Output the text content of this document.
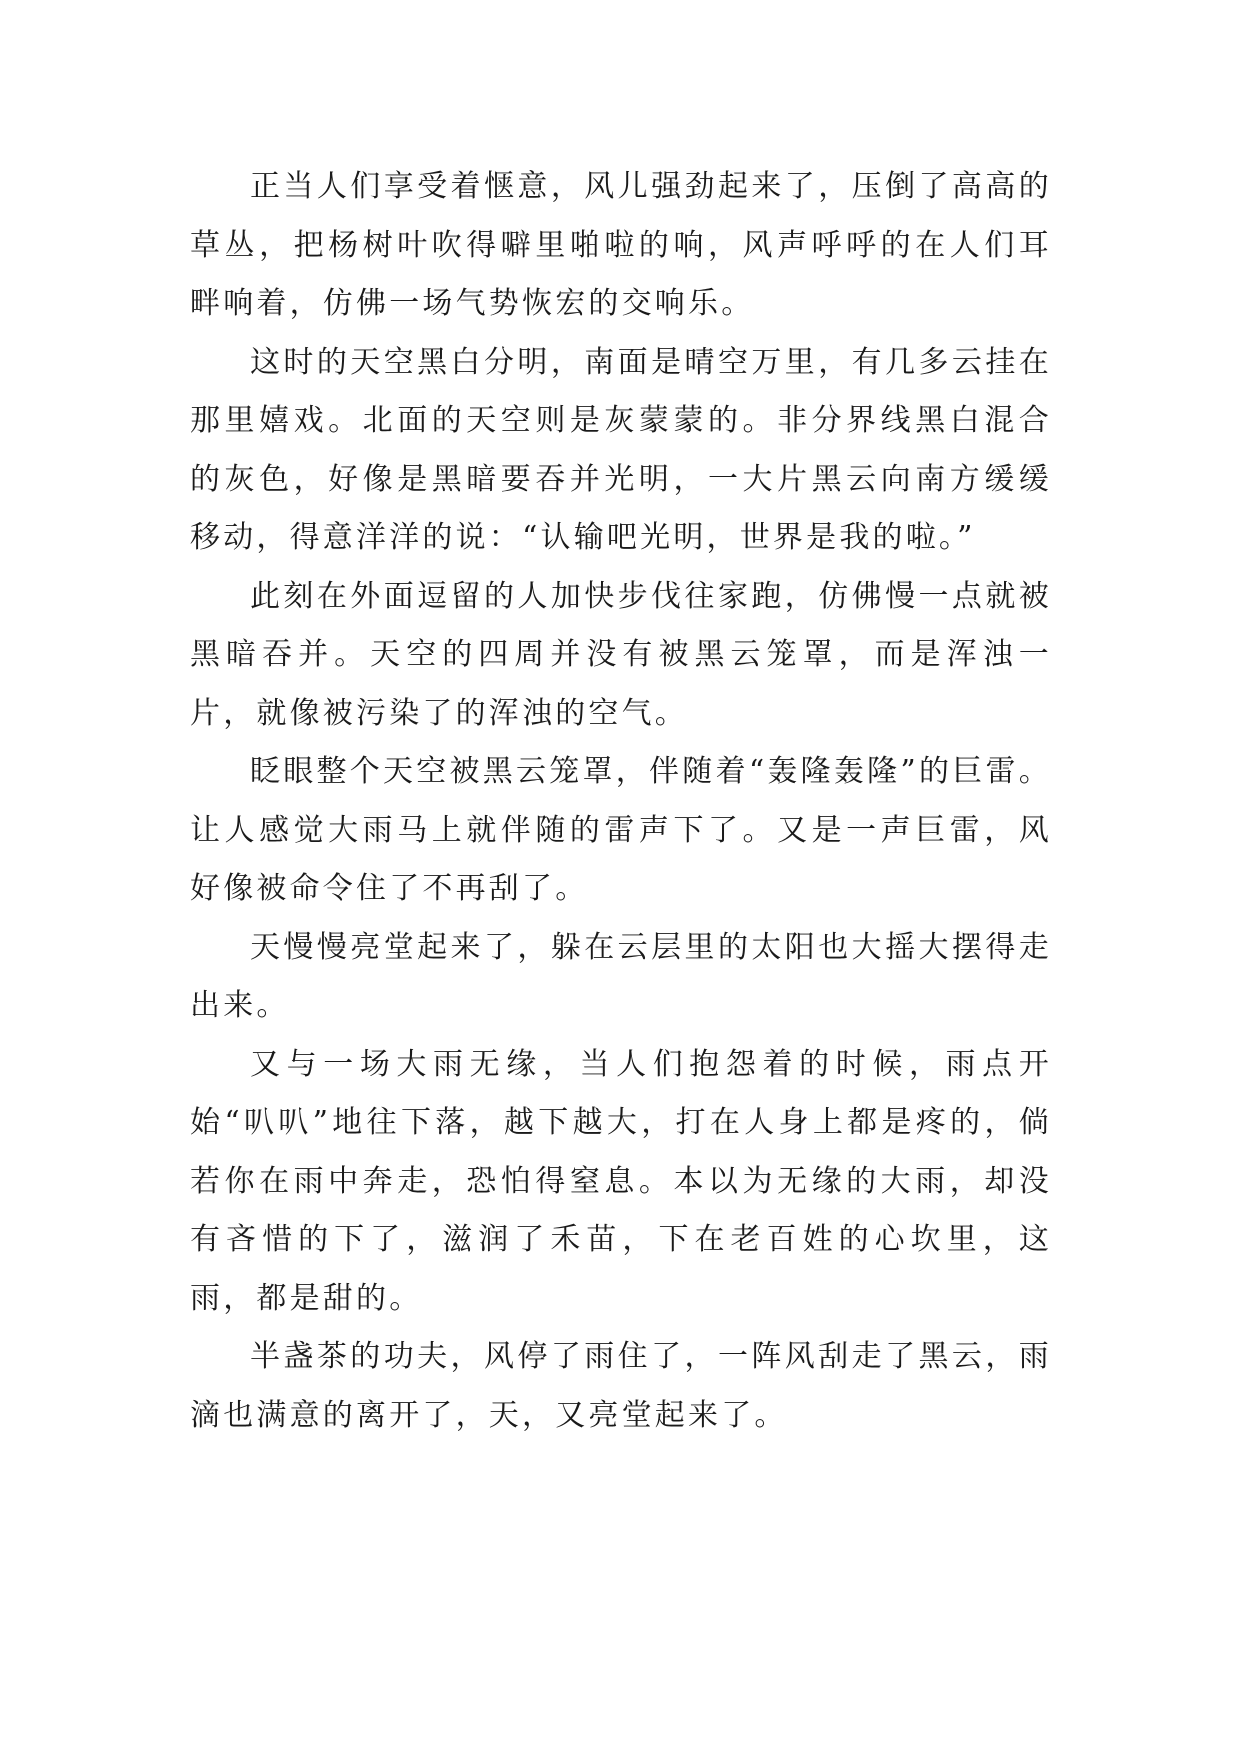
正当人们享受着惬意，风儿强劲起来了，压倒了高高的草丛，把杨树叶吹得噼里啪啦的响，风声呼呼的在人们耳畔响着，仿佛一场气势恢宏的交响乐。

这时的天空黑白分明，南面是晴空万里，有几多云挂在那里嬉戏。北面的天空则是灰蒙蒙的。非分界线黑白混合的灰色，好像是黑暗要吞并光明，一大片黑云向南方缓缓移动，得意洋洋的说：“认输吧光明，世界是我的啦。”

此刻在外面逗留的人加快步伐往家跑，仿佛慢一点就被黑暗吞并。天空的四周并没有被黑云笼罩，而是浑浊一片，就像被污染了的浑浊的空气。

眨眼整个天空被黑云笼罩，伴随着“轰隆轰隆”的巨雷。让人感觉大雨马上就伴随的雷声下了。又是一声巨雷，风好像被命令住了不再刮了。

天慢慢亮堂起来了，躲在云层里的太阳也大摇大摆得走出来。

又与一场大雨无缘，当人们抱怨着的时候，雨点开始“叭叭”地往下落，越下越大，打在人身上都是疼的，倘若你在雨中奔走，恐怕得窒息。本以为无缘的大雨，却没有吝惜的下了，滋润了禾苗，下在老百姓的心坎里，这雨，都是甜的。

半盏茶的功夫，风停了雨住了，一阵风刮走了黑云，雨滴也满意的离开了，天，又亮堂起来了。
